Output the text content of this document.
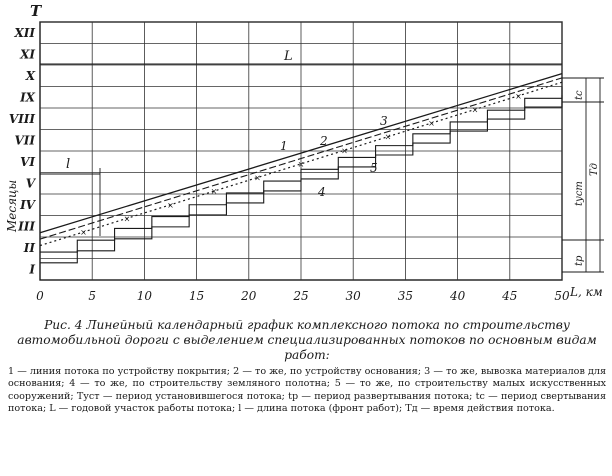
0	5	10	15	20	25	30	35	40	45	50
I
II
III
IV
V
VI
VII
VIII
IX
X
XI
XII
×
×
×
×
×
×
×
×
×
×
×
1	2
3
4
5
T
Месяцы
L, км
L
l
tс
tуст
tр
Тд

Рис. 4 Линейный календарный график комплексного потока по строительству автомобильной дороги с выделением специализированных потоков по основным видам работ:

1 — линия потока по устройству покрытия; 2 — то же, по устройству основания; 3 — то же, вывозка материалов для основания; 4 — то же, по строительству земляного полотна; 5 — то же, по строительству малых искусственных сооружений; Туст — период установившегося потока; tр — период развертывания потока; tс — период свертывания потока; L — годовой участок работы потока; l — длина потока (фронт работ); Тд — время действия потока.
